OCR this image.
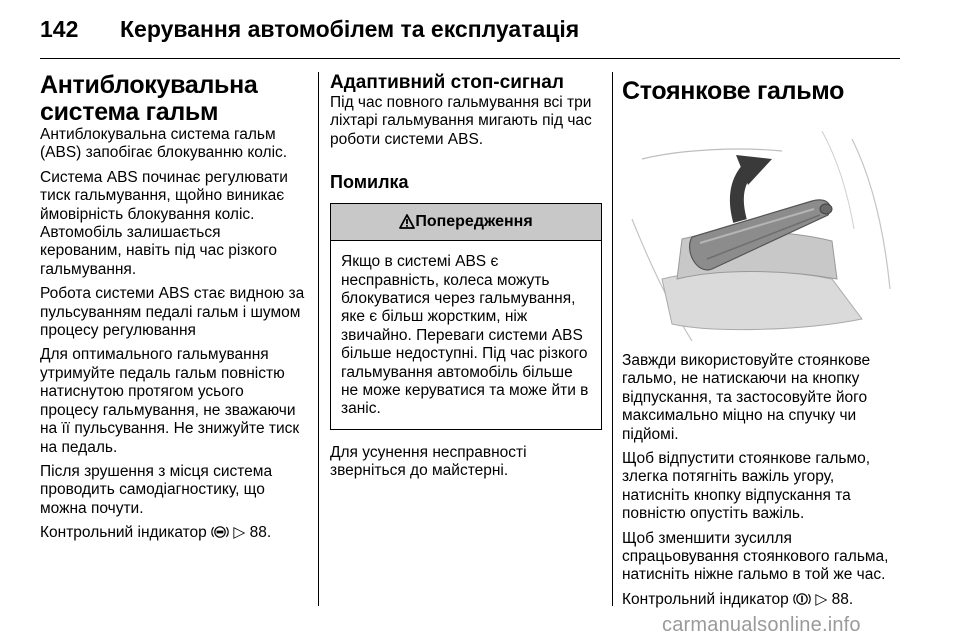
142 Керування автомобілем та експлуатація
Антиблокувальна
система гальм

Антиблокувальна система гальм (ABS) запобігає блокуванню коліс.

Система ABS починає регулювати тиск гальмування, щойно виникає ймовірність блокування коліс. Автомобіль залишається керованим, навіть під час різкого гальмування.

Робота системи ABS стає видною за пульсуванням педалі гальм і шумом процесу регулювання

Для оптимального гальмування утримуйте педаль гальм повністю натиснутою протягом усього процесу гальмування, не зважаючи на її пульсування. Не знижуйте тиск на педаль.

Після зрушення з місця система проводить самодіагностику, що можна почути.

Контрольний індикатор ▷ 88.

Адаптивний стоп-сигнал

Під час повного гальмування всі три ліхтарі гальмування мигають під час роботи системи ABS.

Помилка
Попередження
Якщо в системі ABS є несправність, колеса можуть блокуватися через гальмування, яке є більш жорстким, ніж звичайно. Переваги системи ABS більше недоступні. Під час різкого гальмування автомобіль більше не може керуватися та може йти в заніс.

Для усунення несправності зверніться до майстерні.

Стоянкове гальмо

Завжди використовуйте стоянкове гальмо, не натискаючи на кнопку відпускання, та застосовуйте його максимально міцно на спучку чи підйомі.

Щоб відпустити стоянкове гальмо, злегка потягніть важіль угору, натисніть кнопку відпускання та повністю опустіть важіль.

Щоб зменшити зусилля спрацьовування стоянкового гальма, натисніть ніжне гальмо в той же час.

Контрольний індикатор ▷ 88.

carmanualsonline.info
